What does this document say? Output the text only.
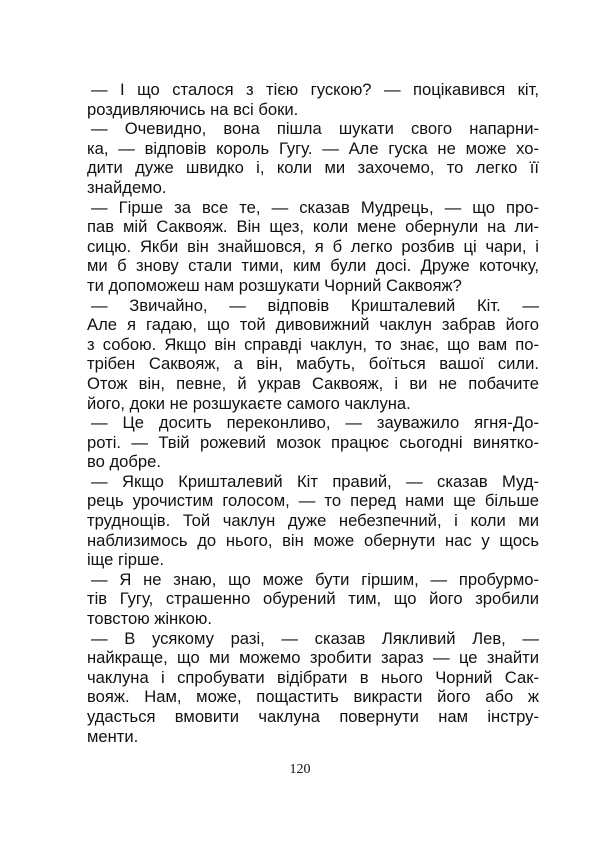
— І що сталося з тією гускою? — поцікавився кіт,
роздивляючись на всі боки.
— Очевидно, вона пішла шукати свого напарни-
ка, — відповів король Гугу. — Але гуска не може хо-
дити дуже швидко і, коли ми захочемо, то легко її
знайдемо.
— Гірше за все те, — сказав Мудрець, — що про-
пав мій Саквояж. Він щез, коли мене обернули на ли-
сицю. Якби він знайшовся, я б легко розбив ці чари, і
ми б знову стали тими, ким були досі. Друже коточку,
ти допоможеш нам розшукати Чорний Саквояж?
— Звичайно, — відповів Кришталевий Кіт. —
Але я гадаю, що той дивовижний чаклун забрав його
з собою. Якщо він справді чаклун, то знає, що вам по-
трібен Саквояж, а він, мабуть, боїться вашої сили.
Отож він, певне, й украв Саквояж, і ви не побачите
його, доки не розшукаєте самого чаклуна.
— Це досить переконливо, — зауважило ягня-До-
роті. — Твій рожевий мозок працює сьогодні винятко-
во добре.
— Якщо Кришталевий Кіт правий, — сказав Муд-
рець урочистим голосом, — то перед нами ще більше
труднощів. Той чаклун дуже небезпечний, і коли ми
наблизимось до нього, він може обернути нас у щось
іще гірше.
— Я не знаю, що може бути гіршим, — пробурмо-
тів Гугу, страшенно обурений тим, що його зробили
товстою жінкою.
— В усякому разі, — сказав Лякливий Лев, —
найкраще, що ми можемо зробити зараз — це знайти
чаклуна і спробувати відібрати в нього Чорний Сак-
вояж. Нам, може, пощастить викрасти його або ж
удасться вмовити чаклуна повернути нам інстру-
менти.
120
